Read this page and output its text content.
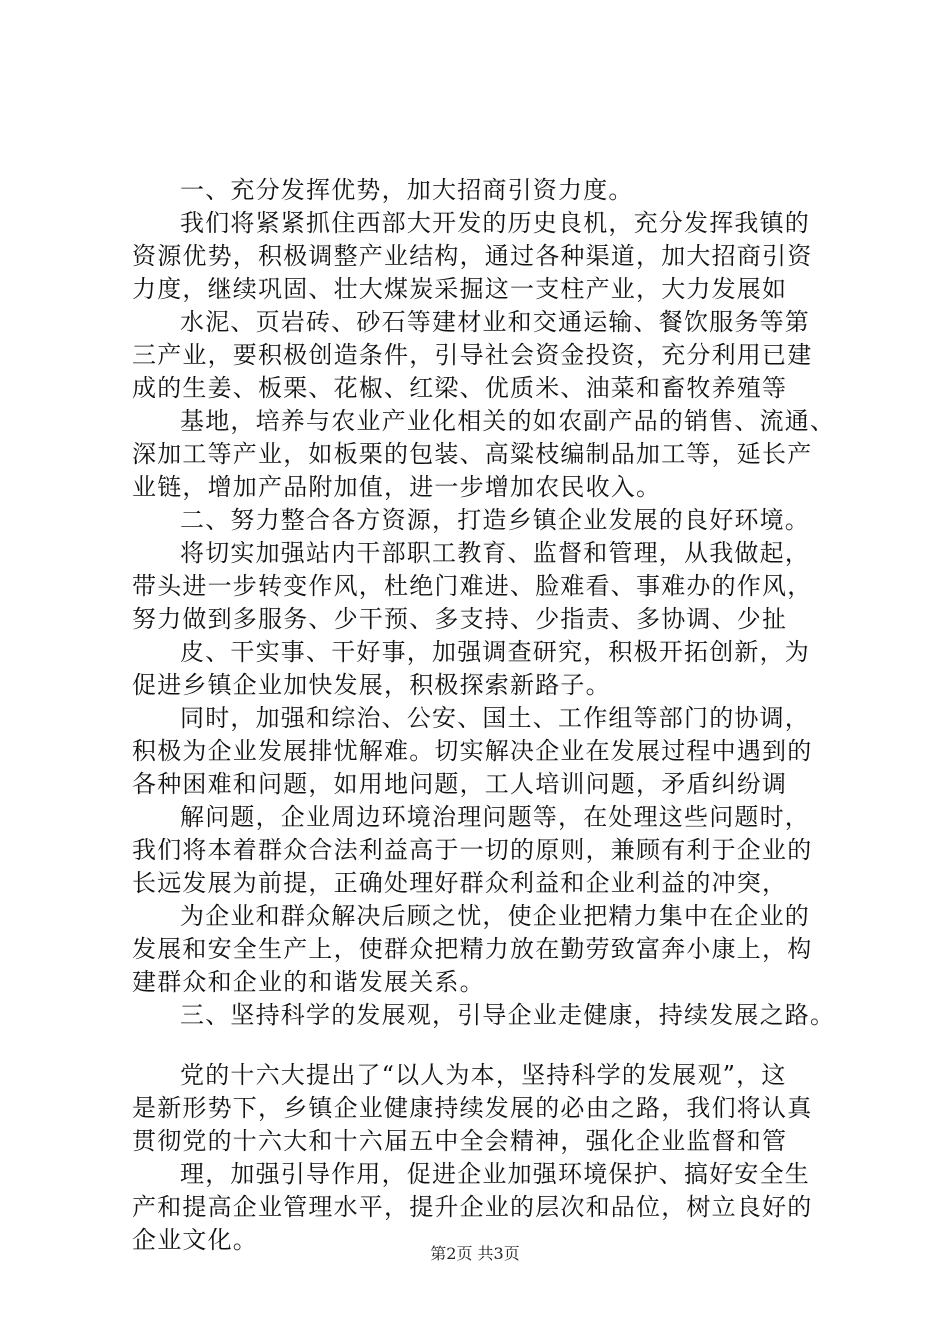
一、充分发挥优势，加大招商引资力度。
我们将紧紧抓住西部大开发的历史良机，充分发挥我镇的
资源优势，积极调整产业结构，通过各种渠道，加大招商引资
力度，继续巩固、壮大煤炭采掘这一支柱产业，大力发展如
水泥、页岩砖、砂石等建材业和交通运输、餐饮服务等第
三产业，要积极创造条件，引导社会资金投资，充分利用已建
成的生姜、板栗、花椒、红梁、优质米、油菜和畜牧养殖等
基地，培养与农业产业化相关的如农副产品的销售、流通、
深加工等产业，如板栗的包装、高粱枝编制品加工等，延长产
业链，增加产品附加值，进一步增加农民收入。
二、努力整合各方资源，打造乡镇企业发展的良好环境。
将切实加强站内干部职工教育、监督和管理，从我做起，
带头进一步转变作风，杜绝门难进、脸难看、事难办的作风，
努力做到多服务、少干预、多支持、少指责、多协调、少扯
皮、干实事、干好事，加强调查研究，积极开拓创新，为
促进乡镇企业加快发展，积极探索新路子。
同时，加强和综治、公安、国土、工作组等部门的协调，
积极为企业发展排忧解难。切实解决企业在发展过程中遇到的
各种困难和问题，如用地问题，工人培训问题，矛盾纠纷调
解问题，企业周边环境治理问题等，在处理这些问题时，
我们将本着群众合法利益高于一切的原则，兼顾有利于企业的
长远发展为前提，正确处理好群众利益和企业利益的冲突，
为企业和群众解决后顾之忧，使企业把精力集中在企业的
发展和安全生产上，使群众把精力放在勤劳致富奔小康上，构
建群众和企业的和谐发展关系。
三、坚持科学的发展观，引导企业走健康，持续发展之路。
党的十六大提出了“以人为本，坚持科学的发展观”，这
是新形势下，乡镇企业健康持续发展的必由之路，我们将认真
贯彻党的十六大和十六届五中全会精神，强化企业监督和管
理，加强引导作用，促进企业加强环境保护、搞好安全生
产和提高企业管理水平，提升企业的层次和品位，树立良好的
企业文化。	第2页 共3页
